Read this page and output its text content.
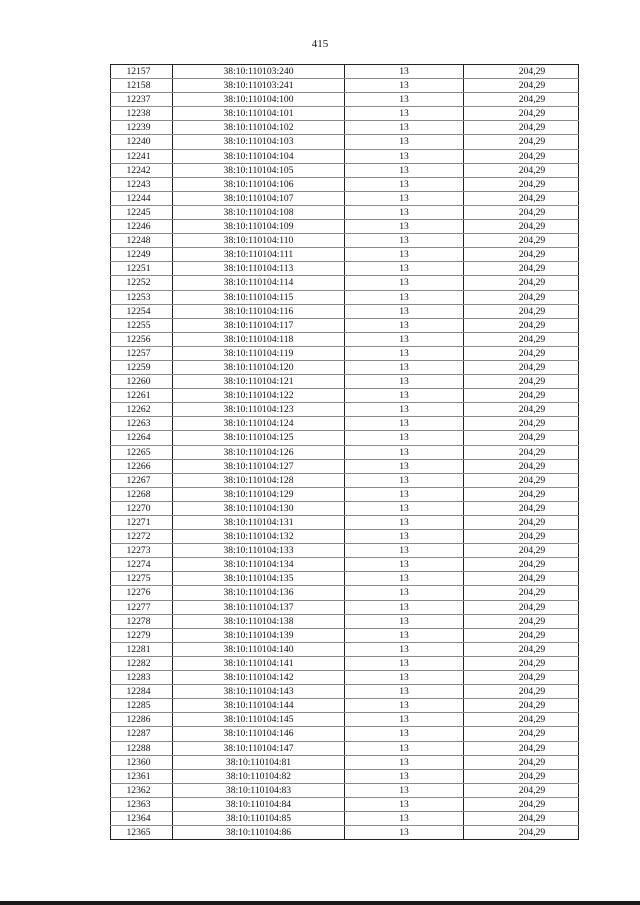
415
12157	38:10:110103:240	13	204,29
12158	38:10:110103:241	13	204,29
12237	38:10:110104:100	13	204,29
12238	38:10:110104:101	13	204,29
12239	38:10:110104:102	13	204,29
12240	38:10:110104:103	13	204,29
12241	38:10:110104:104	13	204,29
12242	38:10:110104:105	13	204,29
12243	38:10:110104:106	13	204,29
12244	38:10:110104:107	13	204,29
12245	38:10:110104:108	13	204,29
12246	38:10:110104:109	13	204,29
12248	38:10:110104:110	13	204,29
12249	38:10:110104:111	13	204,29
12251	38:10:110104:113	13	204,29
12252	38:10:110104:114	13	204,29
12253	38:10:110104:115	13	204,29
12254	38:10:110104:116	13	204,29
12255	38:10:110104:117	13	204,29
12256	38:10:110104:118	13	204,29
12257	38:10:110104:119	13	204,29
12259	38:10:110104:120	13	204,29
12260	38:10:110104:121	13	204,29
12261	38:10:110104:122	13	204,29
12262	38:10:110104:123	13	204,29
12263	38:10:110104:124	13	204,29
12264	38:10:110104:125	13	204,29
12265	38:10:110104:126	13	204,29
12266	38:10:110104:127	13	204,29
12267	38:10:110104:128	13	204,29
12268	38:10:110104:129	13	204,29
12270	38:10:110104:130	13	204,29
12271	38:10:110104:131	13	204,29
12272	38:10:110104:132	13	204,29
12273	38:10:110104:133	13	204,29
12274	38:10:110104:134	13	204,29
12275	38:10:110104:135	13	204,29
12276	38:10:110104:136	13	204,29
12277	38:10:110104:137	13	204,29
12278	38:10:110104:138	13	204,29
12279	38:10:110104:139	13	204,29
12281	38:10:110104:140	13	204,29
12282	38:10:110104:141	13	204,29
12283	38:10:110104:142	13	204,29
12284	38:10:110104:143	13	204,29
12285	38:10:110104:144	13	204,29
12286	38:10:110104:145	13	204,29
12287	38:10:110104:146	13	204,29
12288	38:10:110104:147	13	204,29
12360	38:10:110104:81	13	204,29
12361	38:10:110104:82	13	204,29
12362	38:10:110104:83	13	204,29
12363	38:10:110104:84	13	204,29
12364	38:10:110104:85	13	204,29
12365	38:10:110104:86	13	204,29
